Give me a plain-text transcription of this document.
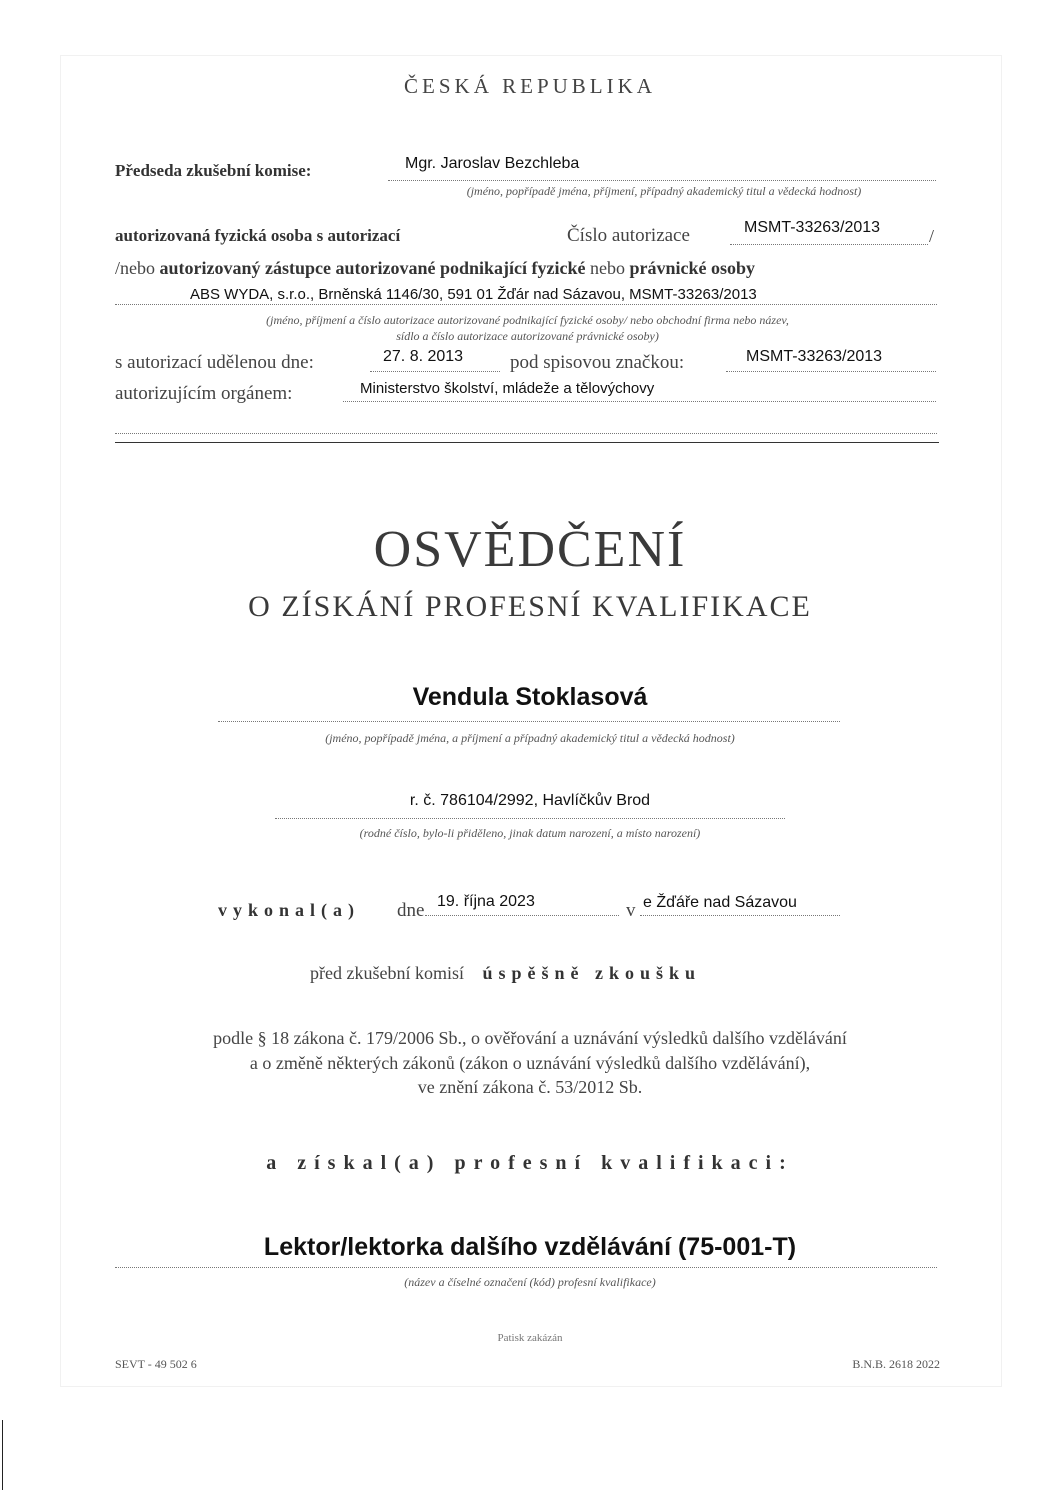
ČESKÁ REPUBLIKA
Předseda zkušební komise:	Mgr. Jaroslav Bezchleba
(jméno, popřípadě jména, příjmení, případný akademický titul a vědecká hodnost)
autorizovaná fyzická osoba s autorizací	Číslo autorizace	MSMT-33263/2013	/
/nebo autorizovaný zástupce autorizované podnikající fyzické nebo právnické osoby
ABS WYDA, s.r.o., Brněnská 1146/30, 591 01 Žďár nad Sázavou, MSMT-33263/2013
(jméno, příjmení a číslo autorizace autorizované podnikající fyzické osoby/ nebo obchodní firma nebo název,
sídlo a číslo autorizace autorizované právnické osoby)
s autorizací udělenou dne:	27. 8. 2013 pod spisovou značkou:	MSMT-33263/2013
autorizujícím orgánem:	Ministerstvo školství, mládeže a tělovýchovy
OSVĚDČENÍ
O ZÍSKÁNÍ PROFESNÍ KVALIFIKACE
Vendula Stoklasová
(jméno, popřípadě jména, a příjmení a případný akademický titul a vědecká hodnost)
r. č. 786104/2992, Havlíčkův Brod
(rodné číslo, bylo-li přiděleno, jinak datum narození, a místo narození)
vykonal(a) dne 19. října 2023	v e Žďáře nad Sázavou
před zkušební komisí úspěšně zkoušku
podle § 18 zákona č. 179/2006 Sb., o ověřování a uznávání výsledků dalšího vzdělávání
a o změně některých zákonů (zákon o uznávání výsledků dalšího vzdělávání),
ve znění zákona č. 53/2012 Sb.
a získal(a) profesní kvalifikaci:
Lektor/lektorka dalšího vzdělávání (75-001-T)
(název a číselné označení (kód) profesní kvalifikace)
Patisk zakázán
SEVT - 49 502 6	B.N.B. 2618 2022
